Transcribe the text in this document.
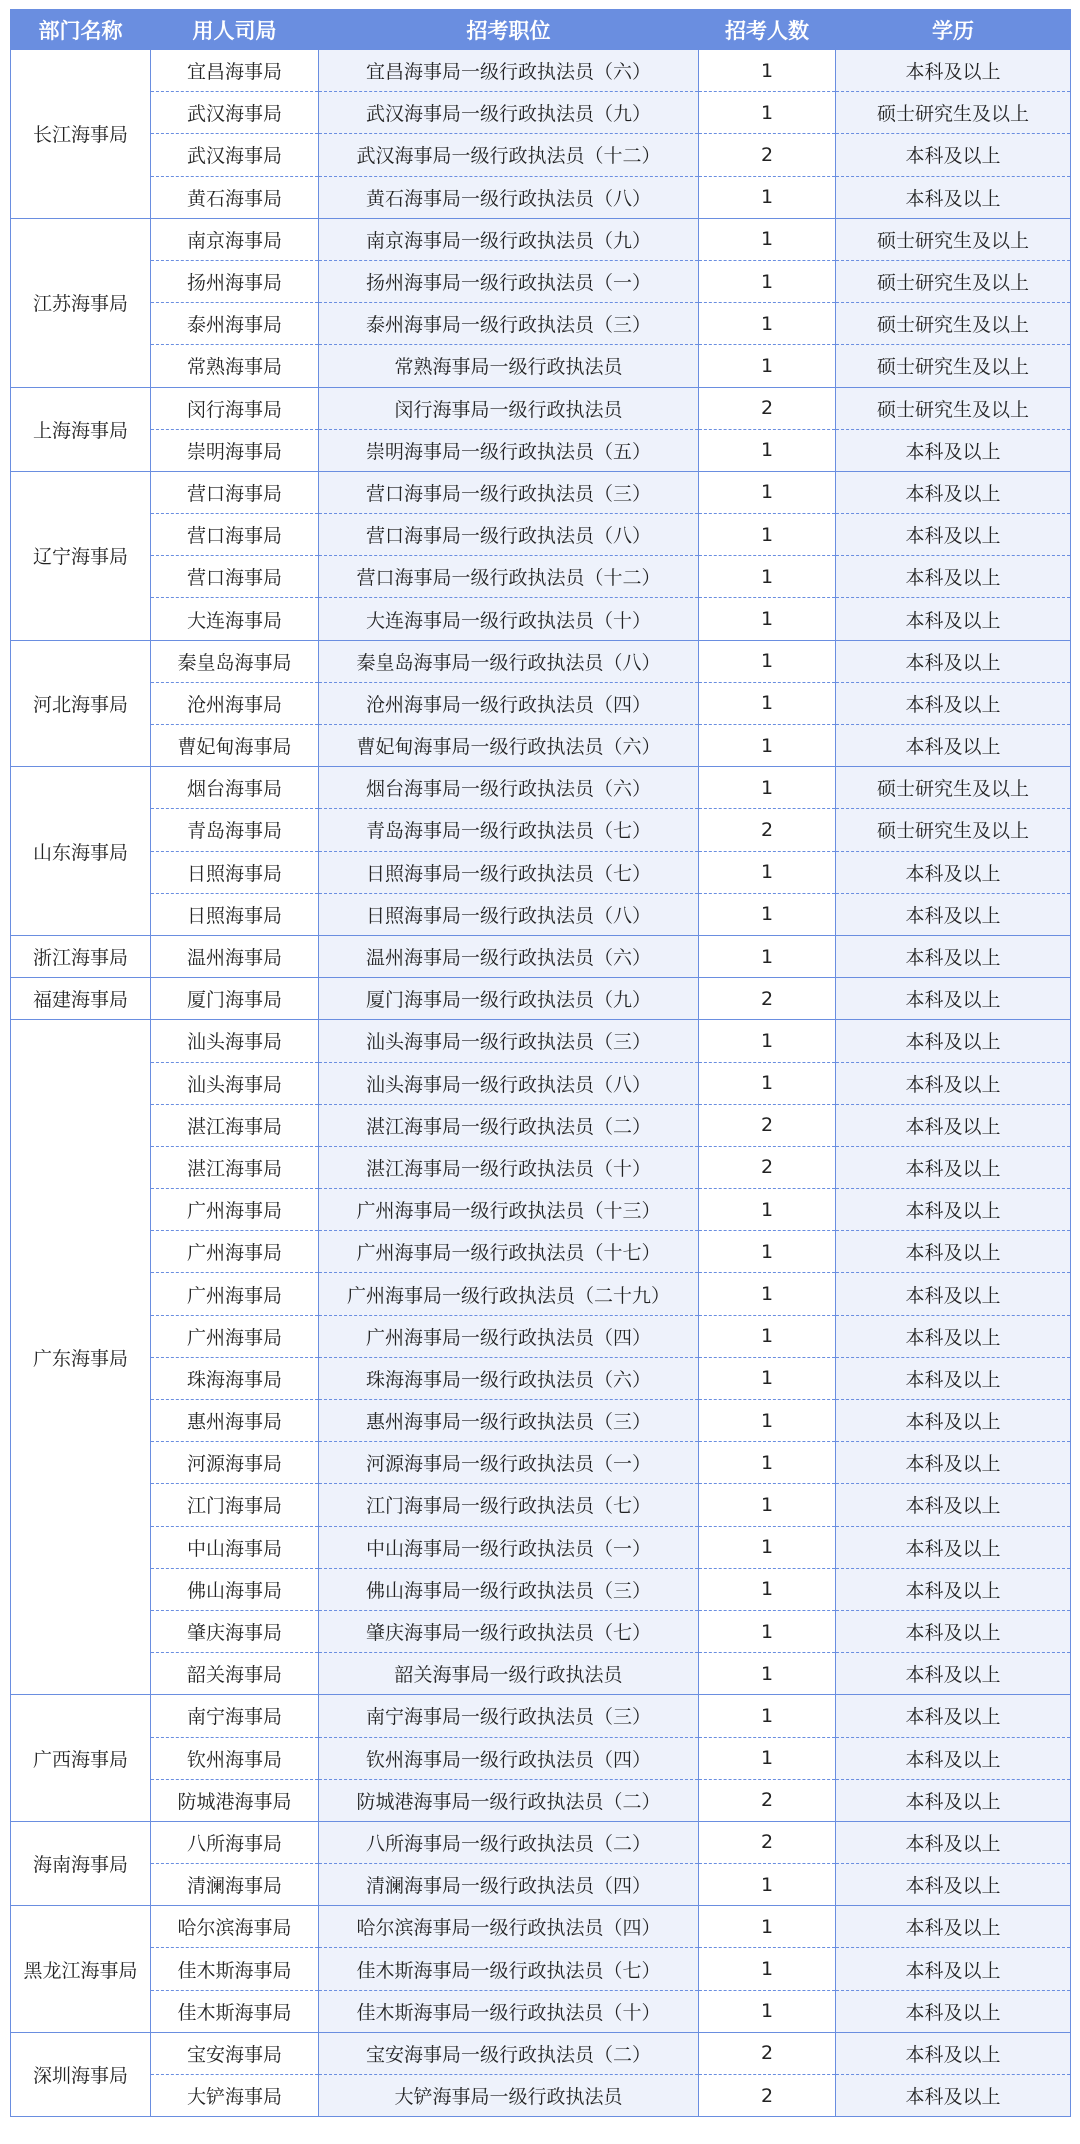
部门名称	用人司局	招考职位	招考人数	学历
长江海事局	宜昌海事局	宜昌海事局一级行政执法员（六）	1	本科及以上
	武汉海事局	武汉海事局一级行政执法员（九）	1	硕士研究生及以上
	武汉海事局	武汉海事局一级行政执法员（十二）	2	本科及以上
	黄石海事局	黄石海事局一级行政执法员（八）	1	本科及以上
江苏海事局	南京海事局	南京海事局一级行政执法员（九）	1	硕士研究生及以上
	扬州海事局	扬州海事局一级行政执法员（一）	1	硕士研究生及以上
	泰州海事局	泰州海事局一级行政执法员（三）	1	硕士研究生及以上
	常熟海事局	常熟海事局一级行政执法员	1	硕士研究生及以上
上海海事局	闵行海事局	闵行海事局一级行政执法员	2	硕士研究生及以上
	崇明海事局	崇明海事局一级行政执法员（五）	1	本科及以上
辽宁海事局	营口海事局	营口海事局一级行政执法员（三）	1	本科及以上
	营口海事局	营口海事局一级行政执法员（八）	1	本科及以上
	营口海事局	营口海事局一级行政执法员（十二）	1	本科及以上
	大连海事局	大连海事局一级行政执法员（十）	1	本科及以上
河北海事局	秦皇岛海事局	秦皇岛海事局一级行政执法员（八）	1	本科及以上
	沧州海事局	沧州海事局一级行政执法员（四）	1	本科及以上
	曹妃甸海事局	曹妃甸海事局一级行政执法员（六）	1	本科及以上
山东海事局	烟台海事局	烟台海事局一级行政执法员（六）	1	硕士研究生及以上
	青岛海事局	青岛海事局一级行政执法员（七）	2	硕士研究生及以上
	日照海事局	日照海事局一级行政执法员（七）	1	本科及以上
	日照海事局	日照海事局一级行政执法员（八）	1	本科及以上
浙江海事局	温州海事局	温州海事局一级行政执法员（六）	1	本科及以上
福建海事局	厦门海事局	厦门海事局一级行政执法员（九）	2	本科及以上
广东海事局	汕头海事局	汕头海事局一级行政执法员（三）	1	本科及以上
	汕头海事局	汕头海事局一级行政执法员（八）	1	本科及以上
	湛江海事局	湛江海事局一级行政执法员（二）	2	本科及以上
	湛江海事局	湛江海事局一级行政执法员（十）	2	本科及以上
	广州海事局	广州海事局一级行政执法员（十三）	1	本科及以上
	广州海事局	广州海事局一级行政执法员（十七）	1	本科及以上
	广州海事局	广州海事局一级行政执法员（二十九）	1	本科及以上
	广州海事局	广州海事局一级行政执法员（四）	1	本科及以上
	珠海海事局	珠海海事局一级行政执法员（六）	1	本科及以上
	惠州海事局	惠州海事局一级行政执法员（三）	1	本科及以上
	河源海事局	河源海事局一级行政执法员（一）	1	本科及以上
	江门海事局	江门海事局一级行政执法员（七）	1	本科及以上
	中山海事局	中山海事局一级行政执法员（一）	1	本科及以上
	佛山海事局	佛山海事局一级行政执法员（三）	1	本科及以上
	肇庆海事局	肇庆海事局一级行政执法员（七）	1	本科及以上
	韶关海事局	韶关海事局一级行政执法员	1	本科及以上
广西海事局	南宁海事局	南宁海事局一级行政执法员（三）	1	本科及以上
	钦州海事局	钦州海事局一级行政执法员（四）	1	本科及以上
	防城港海事局	防城港海事局一级行政执法员（二）	2	本科及以上
海南海事局	八所海事局	八所海事局一级行政执法员（二）	2	本科及以上
	清澜海事局	清澜海事局一级行政执法员（四）	1	本科及以上
黑龙江海事局	哈尔滨海事局	哈尔滨海事局一级行政执法员（四）	1	本科及以上
	佳木斯海事局	佳木斯海事局一级行政执法员（七）	1	本科及以上
	佳木斯海事局	佳木斯海事局一级行政执法员（十）	1	本科及以上
深圳海事局	宝安海事局	宝安海事局一级行政执法员（二）	2	本科及以上
	大铲海事局	大铲海事局一级行政执法员	2	本科及以上
